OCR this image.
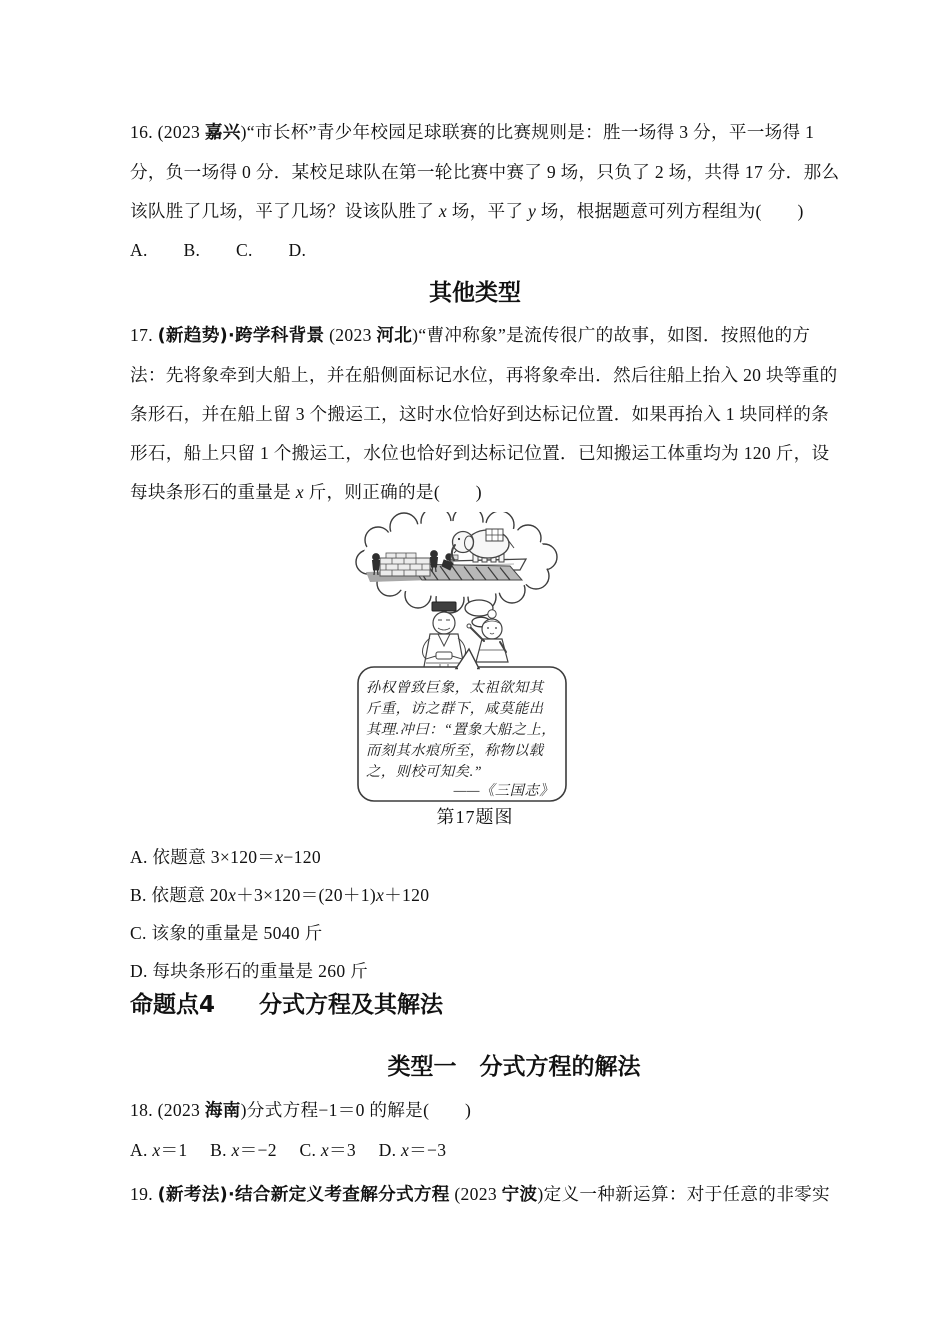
16. (2023 嘉兴)“市长杯”青少年校园足球联赛的比赛规则是：胜一场得 3 分，平一场得 1
分，负一场得 0 分．某校足球队在第一轮比赛中赛了 9 场，只负了 2 场，共得 17 分．那么
该队胜了几场，平了几场？设该队胜了 x 场，平了 y 场，根据题意可列方程组为(　　)
A.　　B.　　C.　　D.
其他类型
17. (新趋势)·跨学科背景 (2023 河北)“曹冲称象”是流传很广的故事，如图．按照他的方
法：先将象牵到大船上，并在船侧面标记水位，再将象牵出．然后往船上抬入 20 块等重的
条形石，并在船上留 3 个搬运工，这时水位恰好到达标记位置．如果再抬入 1 块同样的条
形石，船上只留 1 个搬运工，水位也恰好到达标记位置．已知搬运工体重均为 120 斤，设
每块条形石的重量是 x 斤，则正确的是(　　)
孙权曾致巨象，太祖欲知其
斤重，访之群下，咸莫能出
其理.冲曰：“置象大船之上，
而刻其水痕所至，称物以载
之，则校可知矣.”
——《三国志》
第17题图
A. 依题意 3×120＝x−120
B. 依题意 20x＋3×120＝(20＋1)x＋120
C. 该象的重量是 5040 斤
D. 每块条形石的重量是 260 斤
命题点4 分式方程及其解法
类型一　分式方程的解法
18. (2023 海南)分式方程−1＝0 的解是(　　)
A. x＝1　 B. x＝−2　 C. x＝3　 D. x＝−3
19. (新考法)·结合新定义考查解分式方程 (2023 宁波)定义一种新运算：对于任意的非零实
